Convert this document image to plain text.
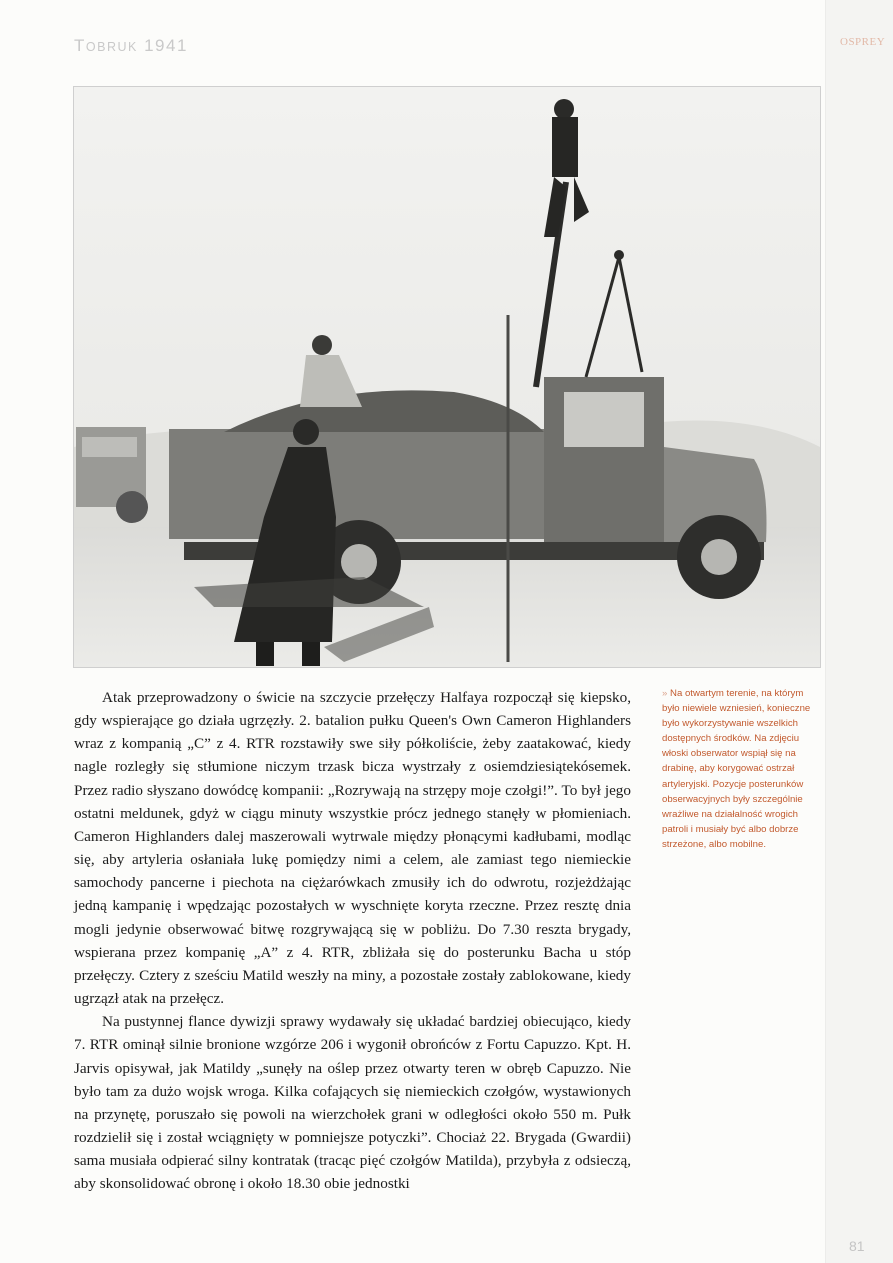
TOBRUK 1941	OSPREY

Atak przeprowadzony o świcie na szczycie przełęczy Halfaya rozpoczął się kiepsko, gdy wspierające go działa ugrzęzły. 2. batalion pułku Queen's Own Cameron Highlanders wraz z kompanią „C” z 4. RTR rozstawiły swe siły półkoliście, żeby zaatakować, kiedy nagle rozległy się stłumione niczym trzask bicza wystrzały z osiemdziesiątekósemek. Przez radio słyszano dowódcę kompanii: „Rozrywają na strzępy moje czołgi!”. To był jego ostatni meldunek, gdyż w ciągu minuty wszystkie prócz jednego stanęły w płomieniach. Cameron Highlanders dalej maszerowali wytrwale między płonącymi kadłubami, modląc się, aby artyleria osłaniała lukę pomiędzy nimi a celem, ale zamiast tego niemieckie samochody pancerne i piechota na ciężarówkach zmusiły ich do odwrotu, rozjeżdżając jedną kampanię i wpędzając pozostałych w wyschnięte koryta rzeczne. Przez resztę dnia mogli jedynie obserwować bitwę rozgrywającą się w pobliżu. Do 7.30 reszta brygady, wspierana przez kompanię „A” z 4. RTR, zbliżała się do posterunku Bacha u stóp przełęczy. Cztery z sześciu Matild weszły na miny, a pozostałe zostały zablokowane, kiedy ugrzązł atak na przełęcz.

Na pustynnej flance dywizji sprawy wydawały się układać bardziej obiecująco, kiedy 7. RTR ominął silnie bronione wzgórze 206 i wygonił obrońców z Fortu Capuzzo. Kpt. H. Jarvis opisywał, jak Matildy „sunęły na oślep przez otwarty teren w obręb Capuzzo. Nie było tam za dużo wojsk wroga. Kilka cofających się niemieckich czołgów, wystawionych na przynętę, poruszało się powoli na wierzchołek grani w odległości około 550 m. Pułk rozdzielił się i został wciągnięty w pomniejsze potyczki”. Chociaż 22. Brygada (Gwardii) sama musiała odpierać silny kontratak (tracąc pięć czołgów Matilda), przybyła z odsieczą, aby skonsolidować obronę i około 18.30 obie jednostki

» Na otwartym terenie, na którym było niewiele wzniesień, konieczne było wykorzystywanie wszelkich dostępnych środków. Na zdjęciu włoski obserwator wspiął się na drabinę, aby korygować ostrzał artyleryjski. Pozycje posterunków obserwacyjnych były szczególnie wrażliwe na działalność wrogich patroli i musiały być albo dobrze strzeżone, albo mobilne.
81
